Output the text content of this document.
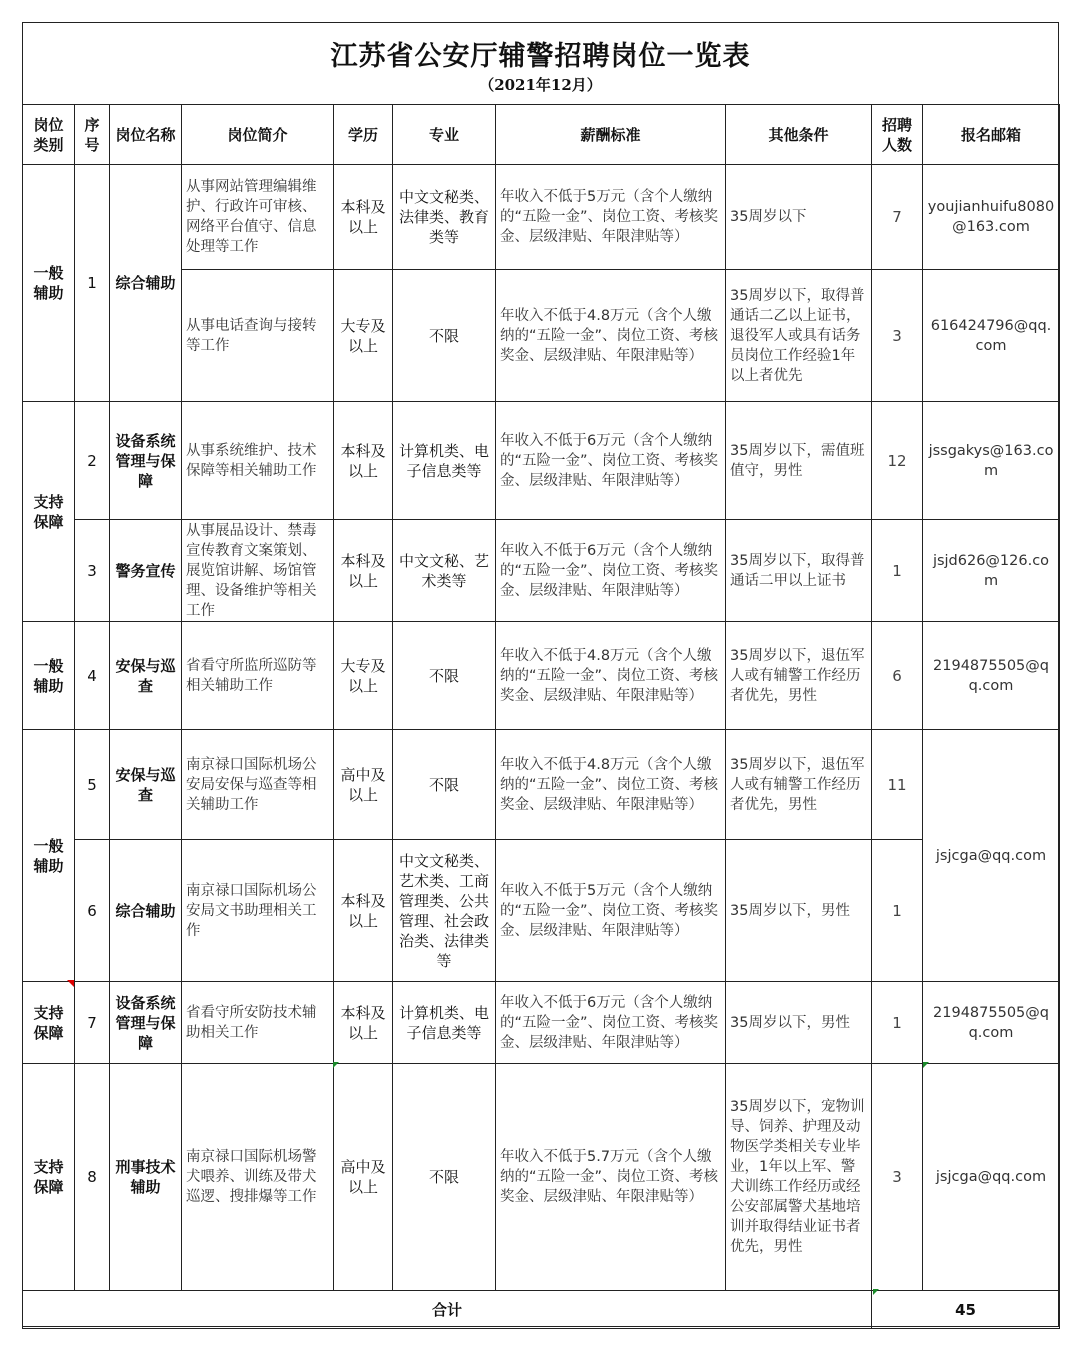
江苏省公安厅辅警招聘岗位一览表
（2021年12月）
岗位类别	序号	岗位名称	岗位简介	学历	专业	薪酬标准	其他条件	招聘人数	报名邮箱
一般辅助	1	综合辅助	从事网站管理编辑维护、行政许可审核、网络平台值守、信息处理等工作	本科及以上	中文文秘类、法律类、教育类等	年收入不低于5万元（含个人缴纳的“五险一金”、岗位工资、考核奖金、层级津贴、年限津贴等）	35周岁以下	7	youjianhuifu8080@163.com
			从事电话查询与接转等工作	大专及以上	不限	年收入不低于4.8万元（含个人缴纳的“五险一金”、岗位工资、考核奖金、层级津贴、年限津贴等）	35周岁以下，取得普通话二乙以上证书，退役军人或具有话务员岗位工作经验1年以上者优先	3	616424796@qq.com
支持保障	2	设备系统管理与保障	从事系统维护、技术保障等相关辅助工作	本科及以上	计算机类、电子信息类等	年收入不低于6万元（含个人缴纳的“五险一金”、岗位工资、考核奖金、层级津贴、年限津贴等）	35周岁以下，需值班值守，男性	12	jssgakys@163.com
	3	警务宣传	从事展品设计、禁毒宣传教育文案策划、展览馆讲解、场馆管理、设备维护等相关工作	本科及以上	中文文秘、艺术类等	年收入不低于6万元（含个人缴纳的“五险一金”、岗位工资、考核奖金、层级津贴、年限津贴等）	35周岁以下，取得普通话二甲以上证书	1	jsjd626@126.com
一般辅助	4	安保与巡查	省看守所监所巡防等相关辅助工作	大专及以上	不限	年收入不低于4.8万元（含个人缴纳的“五险一金”、岗位工资、考核奖金、层级津贴、年限津贴等）	35周岁以下，退伍军人或有辅警工作经历者优先，男性	6	2194875505@qq.com
一般辅助	5	安保与巡查	南京禄口国际机场公安局安保与巡查等相关辅助工作	高中及以上	不限	年收入不低于4.8万元（含个人缴纳的“五险一金”、岗位工资、考核奖金、层级津贴、年限津贴等）	35周岁以下，退伍军人或有辅警工作经历者优先，男性	11	jsjcga@qq.com
	6	综合辅助	南京禄口国际机场公安局文书助理相关工作	本科及以上	中文文秘类、艺术类、工商管理类、公共管理、社会政治类、法律类等	年收入不低于5万元（含个人缴纳的“五险一金”、岗位工资、考核奖金、层级津贴、年限津贴等）	35周岁以下，男性	1	
支持保障	7	设备系统管理与保障	省看守所安防技术辅助相关工作	本科及以上	计算机类、电子信息类等	年收入不低于6万元（含个人缴纳的“五险一金”、岗位工资、考核奖金、层级津贴、年限津贴等）	35周岁以下，男性	1	2194875505@qq.com
支持保障	8	刑事技术辅助	南京禄口国际机场警犬喂养、训练及带犬巡逻、搜排爆等工作	高中及以上	不限	年收入不低于5.7万元（含个人缴纳的“五险一金”、岗位工资、考核奖金、层级津贴、年限津贴等）	35周岁以下，宠物训导、饲养、护理及动物医学类相关专业毕业，1年以上军、警犬训练工作经历或经公安部属警犬基地培训并取得结业证书者优先，男性	3	jsjcga@qq.com
合计								45	
